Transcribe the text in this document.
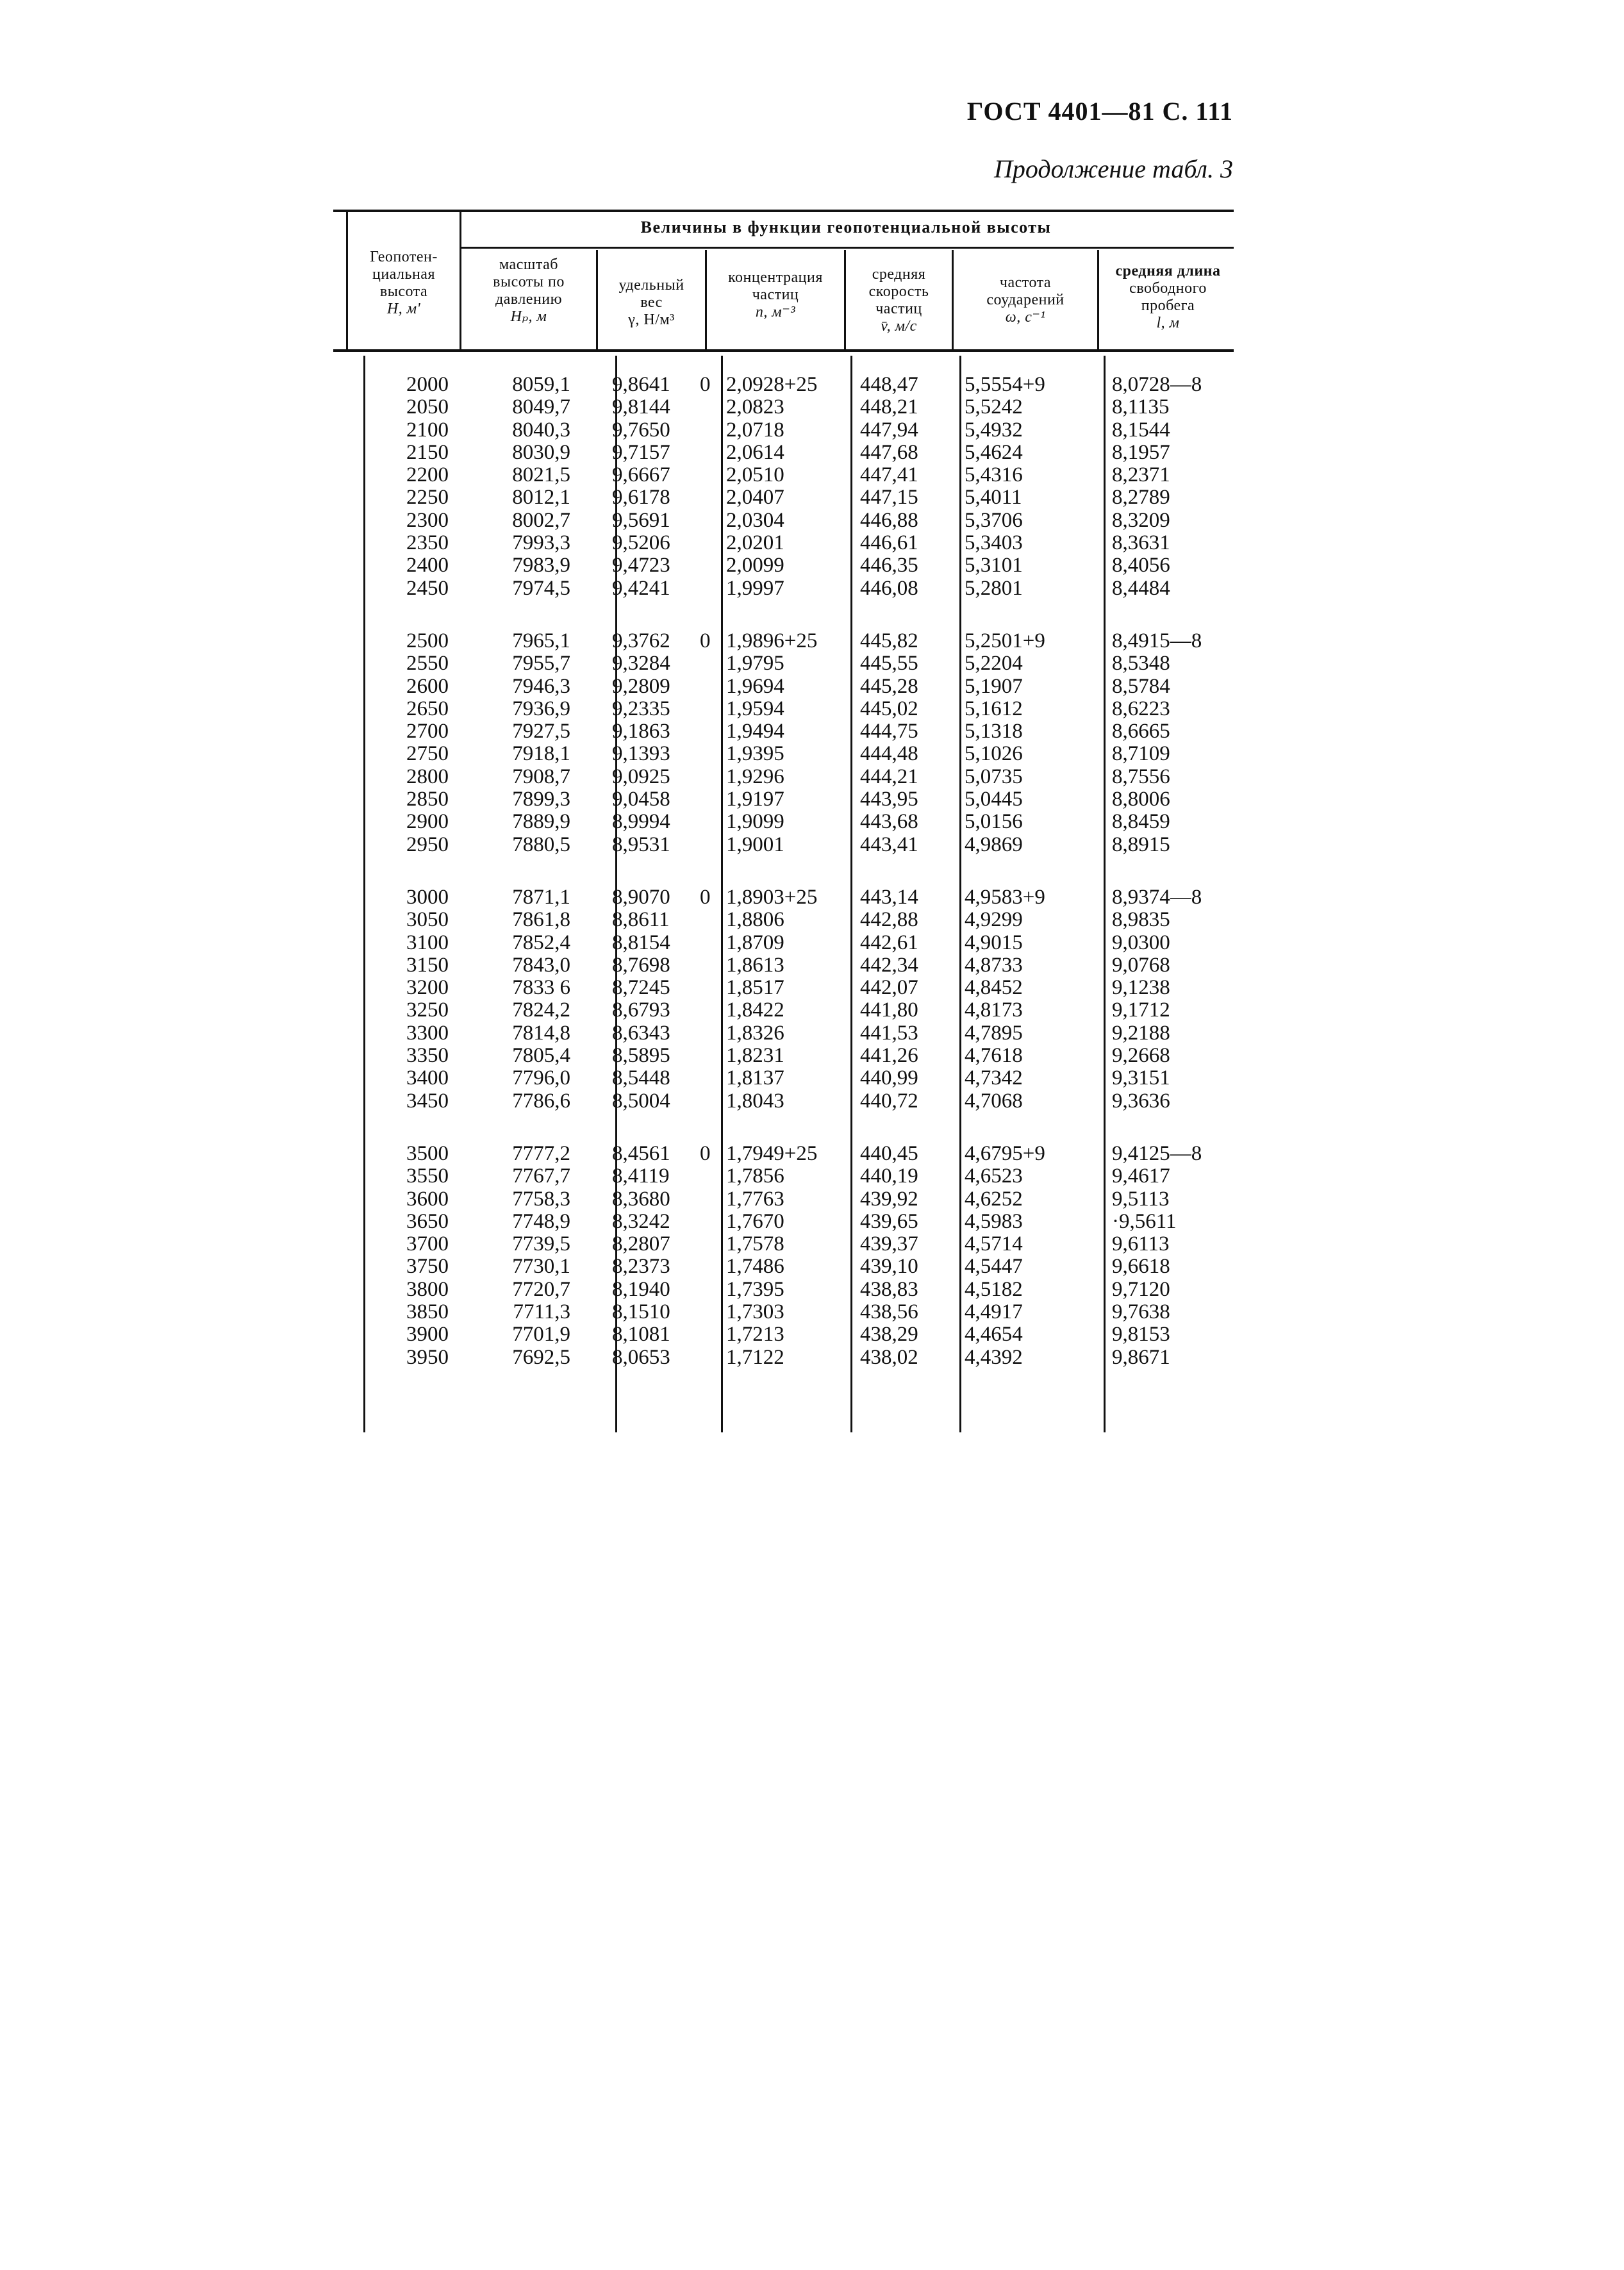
ГОСТ 4401—81 С. 111
Продолжение табл. 3
Величины в функции геопотенциальной высоты
Геопотен-
циальная
высота
H, м'
масштаб
высоты по
давлению
Hₚ, м
удельный
вес
γ, Н/м³
концентрация
частиц
n, м⁻³
средняя
скорость
частиц
v̄, м/с
частота
соударений
ω, с⁻¹
средняя длина
свободного
пробега
l, м
2000
2050
2100
2150
2200
2250
2300
2350
2400
2450
2500
2550
2600
2650
2700
2750
2800
2850
2900
2950
3000
3050
3100
3150
3200
3250
3300
3350
3400
3450
3500
3550
3600
3650
3700
3750
3800
3850
3900
3950
8059,1
8049,7
8040,3
8030,9
8021,5
8012,1
8002,7
7993,3
7983,9
7974,5
7965,1
7955,7
7946,3
7936,9
7927,5
7918,1
7908,7
7899,3
7889,9
7880,5
7871,1
7861,8
7852,4
7843,0
7833 6
7824,2
7814,8
7805,4
7796,0
7786,6
7777,2
7767,7
7758,3
7748,9
7739,5
7730,1
7720,7
7711,3
7701,9
7692,5
9,8641
9,8144
9,7650
9,7157
9,6667
9,6178
9,5691
9,5206
9,4723
9,4241
9,3762
9,3284
9,2809
9,2335
9,1863
9,1393
9,0925
9,0458
8,9994
8,9531
8,9070
8,8611
8,8154
8,7698
8,7245
8,6793
8,6343
8,5895
8,5448
8,5004
8,4561
8,4119
8,3680
8,3242
8,2807
8,2373
8,1940
8,1510
8,1081
8,0653
0
0
0
0
2,0928+25
2,0823
2,0718
2,0614
2,0510
2,0407
2,0304
2,0201
2,0099
1,9997
1,9896+25
1,9795
1,9694
1,9594
1,9494
1,9395
1,9296
1,9197
1,9099
1,9001
1,8903+25
1,8806
1,8709
1,8613
1,8517
1,8422
1,8326
1,8231
1,8137
1,8043
1,7949+25
1,7856
1,7763
1,7670
1,7578
1,7486
1,7395
1,7303
1,7213
1,7122
448,47
448,21
447,94
447,68
447,41
447,15
446,88
446,61
446,35
446,08
445,82
445,55
445,28
445,02
444,75
444,48
444,21
443,95
443,68
443,41
443,14
442,88
442,61
442,34
442,07
441,80
441,53
441,26
440,99
440,72
440,45
440,19
439,92
439,65
439,37
439,10
438,83
438,56
438,29
438,02
5,5554+9
5,5242
5,4932
5,4624
5,4316
5,4011
5,3706
5,3403
5,3101
5,2801
5,2501+9
5,2204
5,1907
5,1612
5,1318
5,1026
5,0735
5,0445
5,0156
4,9869
4,9583+9
4,9299
4,9015
4,8733
4,8452
4,8173
4,7895
4,7618
4,7342
4,7068
4,6795+9
4,6523
4,6252
4,5983
4,5714
4,5447
4,5182
4,4917
4,4654
4,4392
8,0728—8
8,1135
8,1544
8,1957
8,2371
8,2789
8,3209
8,3631
8,4056
8,4484
8,4915—8
8,5348
8,5784
8,6223
8,6665
8,7109
8,7556
8,8006
8,8459
8,8915
8,9374—8
8,9835
9,0300
9,0768
9,1238
9,1712
9,2188
9,2668
9,3151
9,3636
9,4125—8
9,4617
9,5113
·9,5611
9,6113
9,6618
9,7120
9,7638
9,8153
9,8671
